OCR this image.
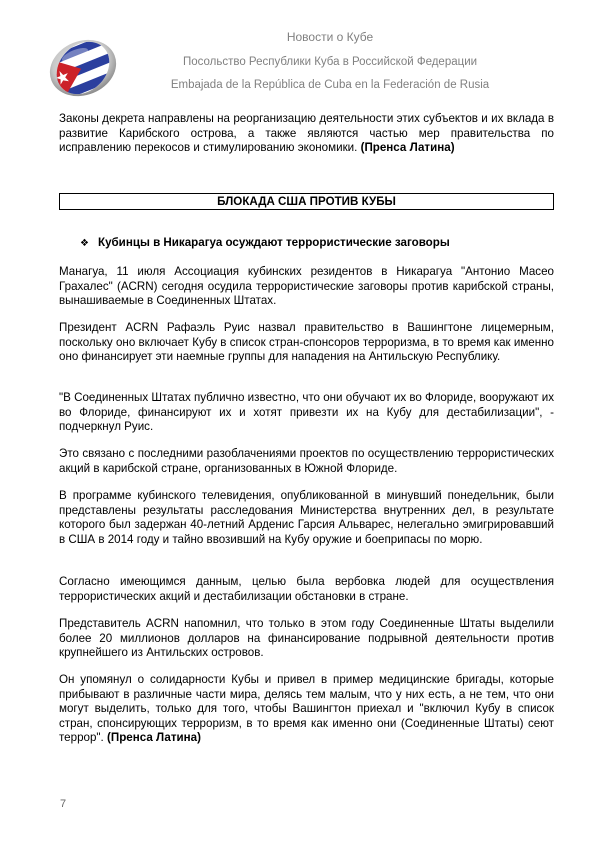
Новости о Кубе
Посольство Республики Куба в Российской Федерации
Embajada de la República de Cuba en la Federación de Rusia
Законы декрета направлены на реорганизацию деятельности этих субъектов и их вклада в развитие Карибского острова, а также являются частью мер правительства по исправлению перекосов и стимулированию экономики. (Пренса Латина)
БЛОКАДА США ПРОТИВ КУБЫ
❖ Кубинцы в Никарагуа осуждают террористические заговоры
Манагуа, 11 июля Ассоциация кубинских резидентов в Никарагуа "Антонио Масео Грахалес" (ACRN) сегодня осудила террористические заговоры против карибской страны, вынашиваемые в Соединенных Штатах.
Президент ACRN Рафаэль Руис назвал правительство в Вашингтоне лицемерным, поскольку оно включает Кубу в список стран-спонсоров терроризма, в то время как именно оно финансирует эти наемные группы для нападения на Антильскую Республику.
"В Соединенных Штатах публично известно, что они обучают их во Флориде, вооружают их во Флориде, финансируют их и хотят привезти их на Кубу для дестабилизации", - подчеркнул Руис.
Это связано с последними разоблачениями проектов по осуществлению террористических акций в карибской стране, организованных в Южной Флориде.
В программе кубинского телевидения, опубликованной в минувший понедельник, были представлены результаты расследования Министерства внутренних дел, в результате которого был задержан 40-летний Арденис Гарсия Альварес, нелегально эмигрировавший в США в 2014 году и тайно ввозивший на Кубу оружие и боеприпасы по морю.
Согласно имеющимся данным, целью была вербовка людей для осуществления террористических акций и дестабилизации обстановки в стране.
Представитель ACRN напомнил, что только в этом году Соединенные Штаты выделили более 20 миллионов долларов на финансирование подрывной деятельности против крупнейшего из Антильских островов.
Он упомянул о солидарности Кубы и привел в пример медицинские бригады, которые прибывают в различные части мира, делясь тем малым, что у них есть, а не тем, что они могут выделить, только для того, чтобы Вашингтон приехал и "включил Кубу в список стран, спонсирующих терроризм, в то время как именно они (Соединенные Штаты) сеют террор". (Пренса Латина)
7
